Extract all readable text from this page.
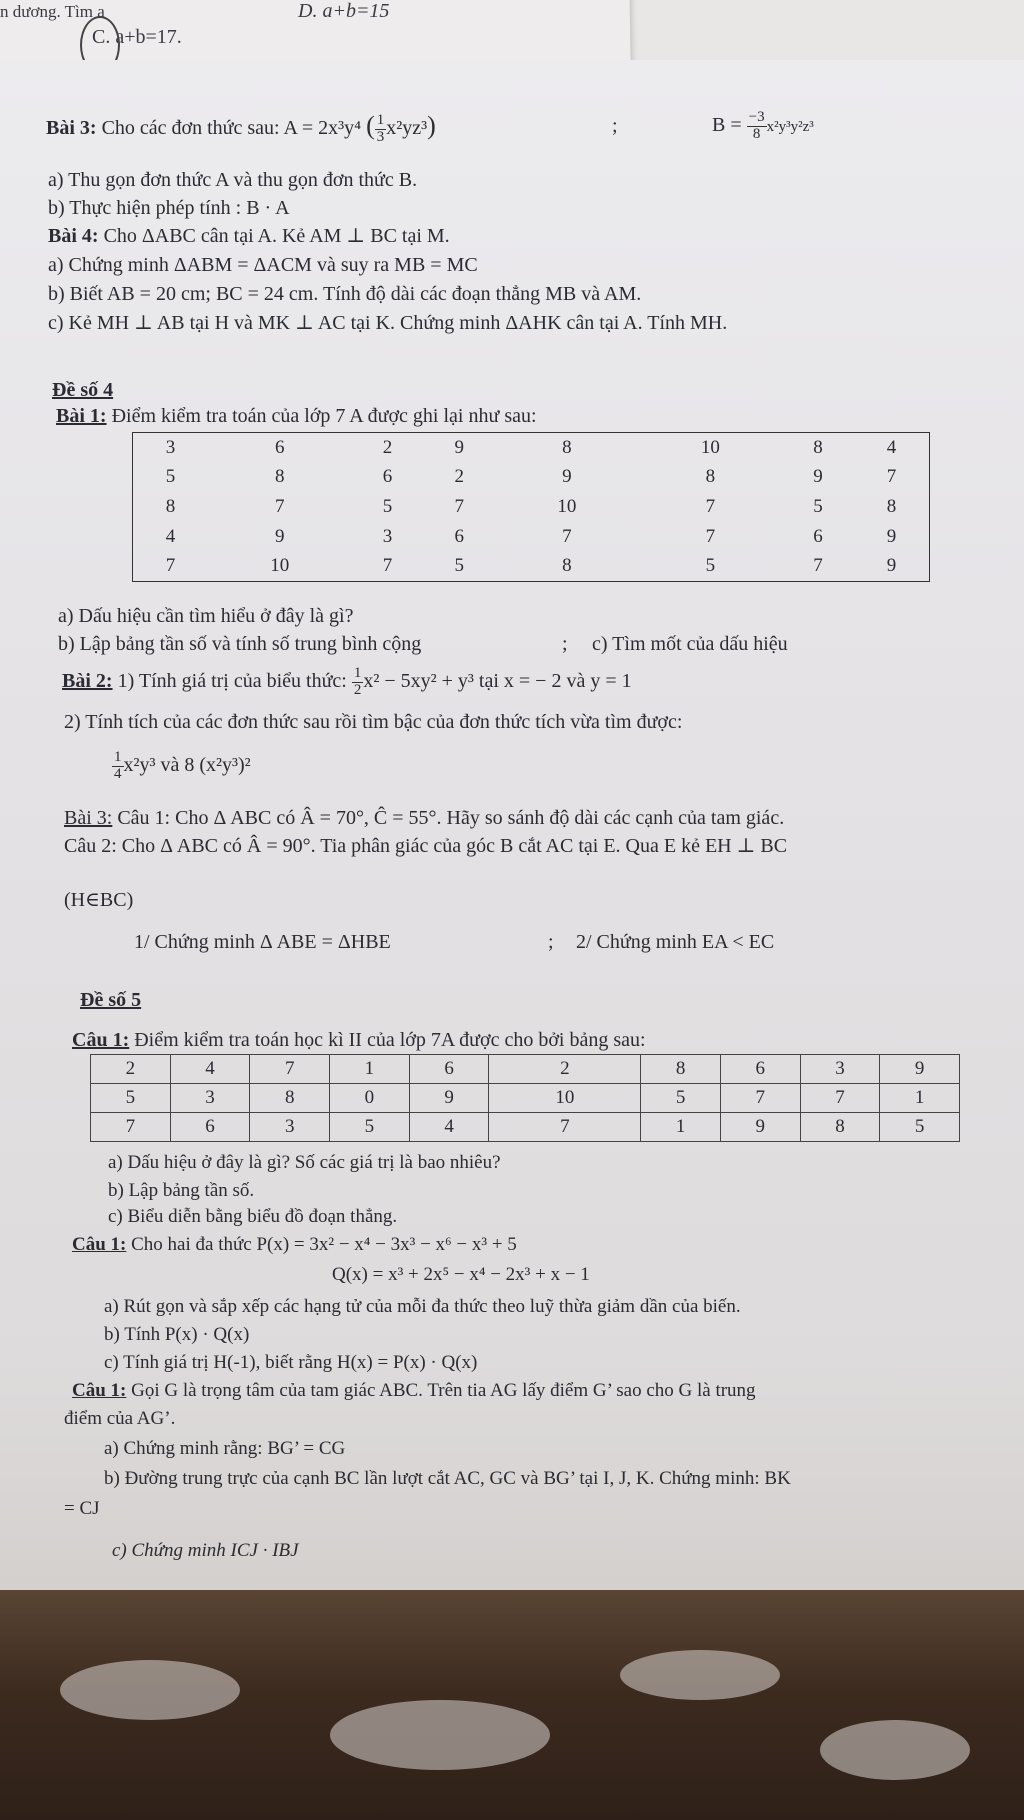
n dương. Tìm a
C. a+b=17.
D. a+b=15
Bài 3: Cho các đơn thức sau: A = 2x³y⁴ ( $\frac{1}{3} x^2yz^3$)	;	$B = \frac{-3}{8} x^2y^3y^2z^3$
a) Thu gọn đơn thức A và thu gọn đơn thức B.
b) Thực hiện phép tính : B · A
Bài 4: Cho ΔABC cân tại A. Kẻ AM ⊥ BC tại M.
a) Chứng minh ΔABM = ΔACM và suy ra MB = MC
b) Biết AB = 20 cm; BC = 24 cm. Tính độ dài các đoạn thẳng MB và AM.
c) Kẻ MH ⊥ AB tại H và MK ⊥ AC tại K. Chứng minh ΔAHK cân tại A. Tính MH.
Đề số 4
Bài 1: Điểm kiểm tra toán của lớp 7 A được ghi lại như sau:
3	6	2	9	8	10	8	4
5	8	6	2	9	8	9	7
8	7	5	7	10	7	5	8
4	9	3	6	7	7	6	9
7	10	7	5	8	5	7	9
a) Dấu hiệu cần tìm hiểu ở đây là gì?
b) Lập bảng tần số và tính số trung bình cộng	; c) Tìm mốt của dấu hiệu
Bài 2: 1) Tính giá trị của biểu thức: $\frac{1}{2} x^2 - 5xy^2 + y^3$ tại x = − 2 và y = 1
2) Tính tích của các đơn thức sau rồi tìm bậc của đơn thức tích vừa tìm được:
$\frac{1}{4} x^2y^3$ và 8 (x²y³)²
Bài 3: Câu 1: Cho Δ ABC có Â = 70°, Ĉ = 55°. Hãy so sánh độ dài các cạnh của tam giác.
Câu 2: Cho Δ ABC có Â = 90°. Tia phân giác của góc B cắt AC tại E. Qua E kẻ EH ⊥ BC
(H∈BC)
1/ Chứng minh Δ ABE = ΔHBE	; 2/ Chứng minh EA < EC
Đề số 5
Câu 1: Điểm kiểm tra toán học kì II của lớp 7A được cho bởi bảng sau:
2	4	7	1	6	2	8	6	3	9
5	3	8	0	9	10	5	7	7	1
7	6	3	5	4	7	1	9	8	5
a) Dấu hiệu ở đây là gì? Số các giá trị là bao nhiêu?
b) Lập bảng tần số.
c) Biểu diễn bằng biểu đồ đoạn thẳng.
Câu 1: Cho hai đa thức P(x) = 3x² − x⁴ − 3x³ − x⁶ − x³ + 5
Q(x) = x³ + 2x⁵ − x⁴ − 2x³ + x − 1
a) Rút gọn và sắp xếp các hạng tử của mỗi đa thức theo luỹ thừa giảm dần của biến.
b) Tính P(x) · Q(x)
c) Tính giá trị H(-1), biết rằng H(x) = P(x) · Q(x)
Câu 1: Gọi G là trọng tâm của tam giác ABC. Trên tia AG lấy điểm G’ sao cho G là trung
điểm của AG’.
a) Chứng minh rằng: BG’ = CG
b) Đường trung trực của cạnh BC lần lượt cắt AC, GC và BG’ tại I, J, K. Chứng minh: BK
= CJ
c) Chứng minh ICJ · IBJ
